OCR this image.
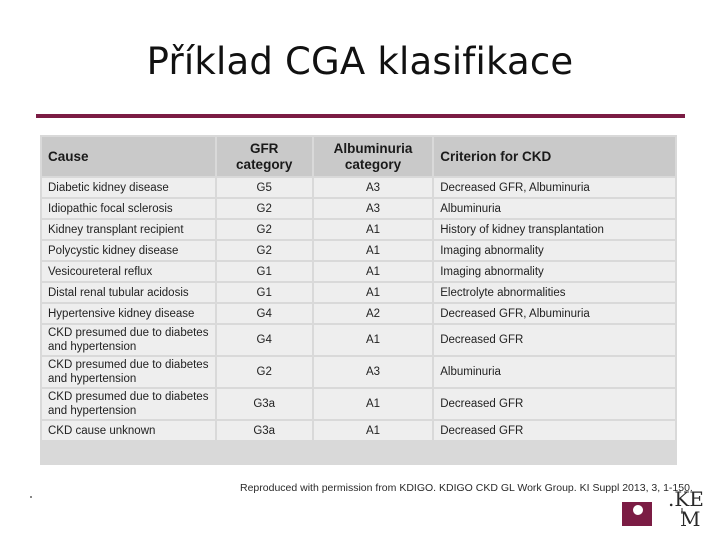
Příklad CGA klasifikace
Cause	GFR category	Albuminuria category	Criterion for CKD
Diabetic kidney disease	G5	A3	Decreased GFR, Albuminuria
Idiopathic focal sclerosis	G2	A3	Albuminuria
Kidney transplant recipient	G2	A1	History of kidney transplantation
Polycystic kidney disease	G2	A1	Imaging abnormality
Vesicoureteral reflux	G1	A1	Imaging abnormality
Distal renal tubular acidosis	G1	A1	Electrolyte abnormalities
Hypertensive kidney disease	G4	A2	Decreased GFR, Albuminuria
CKD presumed due to diabetes and hypertension	G4	A1	Decreased GFR
CKD presumed due to diabetes and hypertension	G2	A3	Albuminuria
CKD presumed due to diabetes and hypertension	G3a	A1	Decreased GFR
CKD cause unknown	G3a	A1	Decreased GFR
Reproduced with permission from KDIGO. KDIGO CKD GL Work Group. KI Suppl 2013, 3, 1-150.
.KE
M
